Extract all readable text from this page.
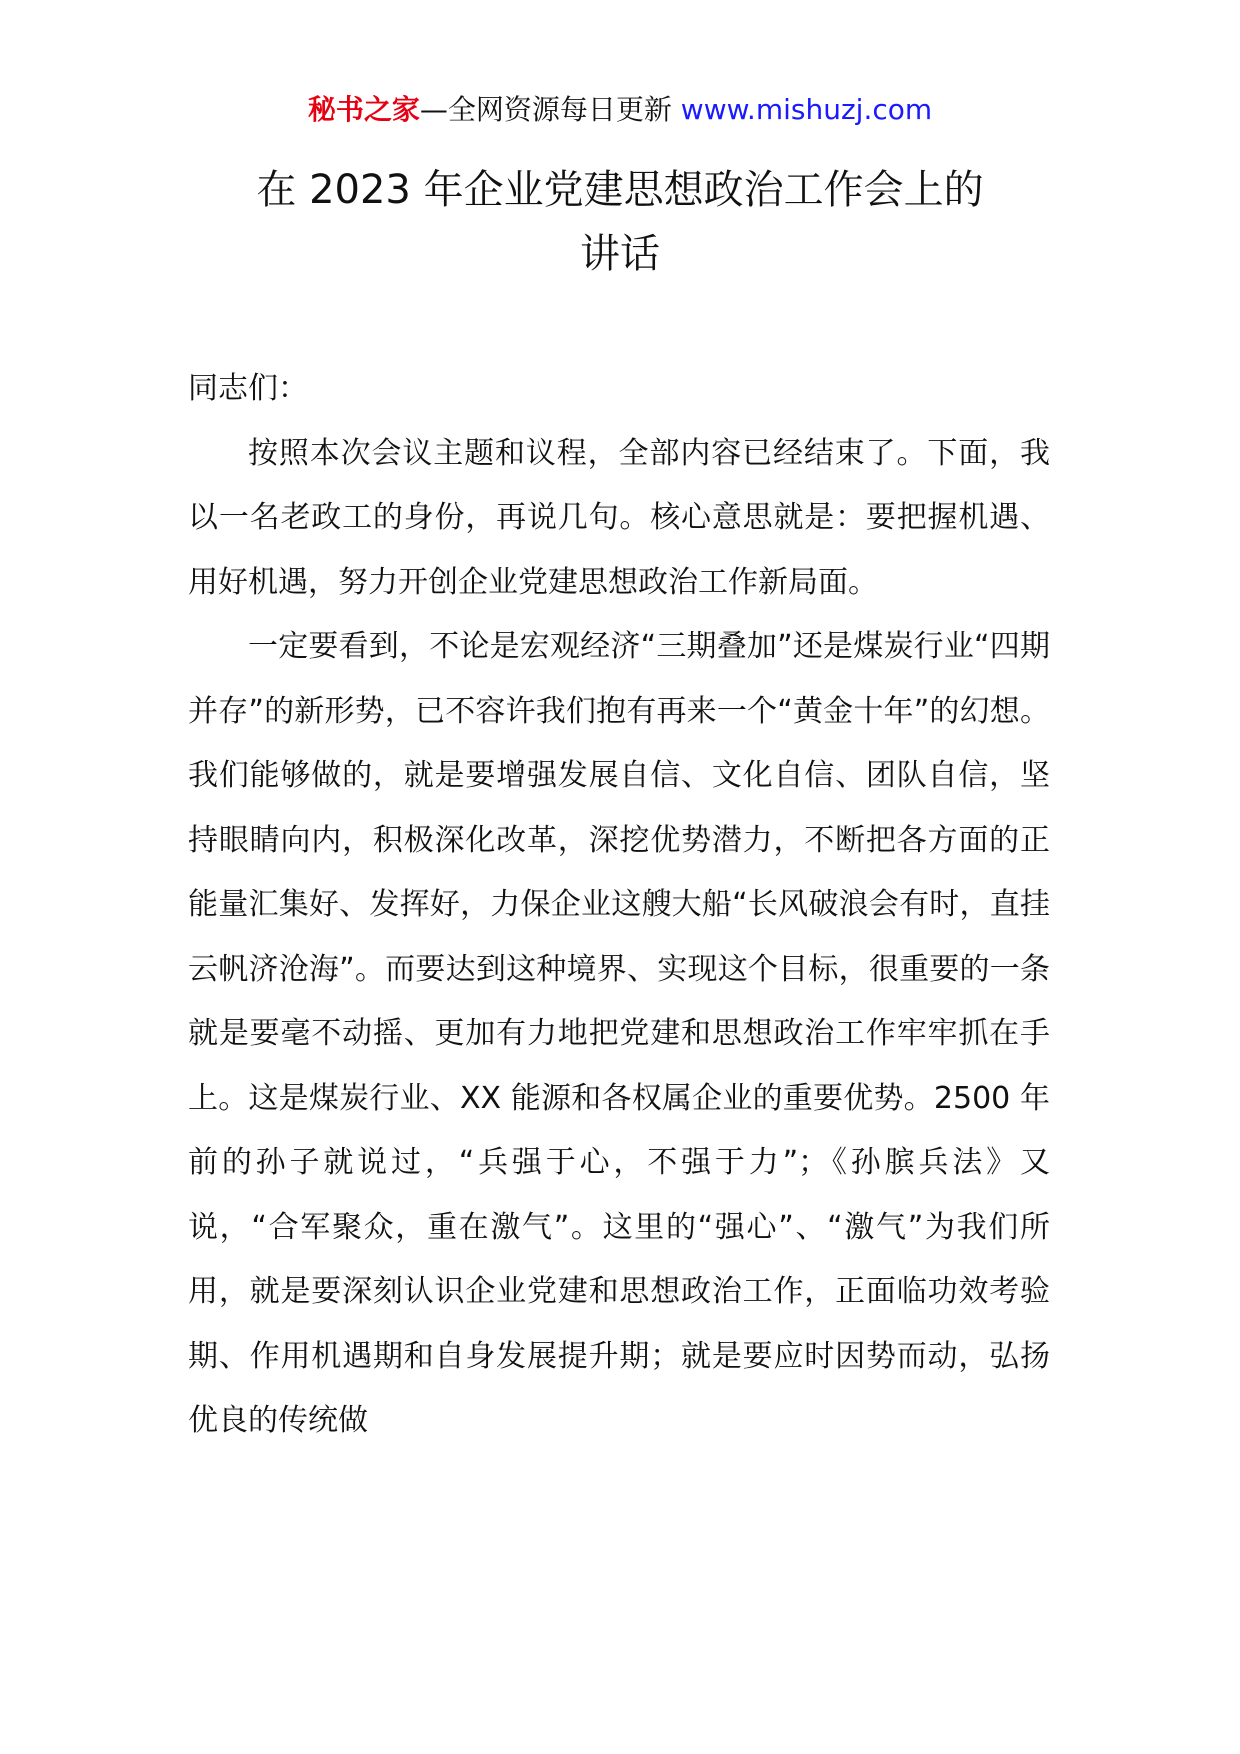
秘书之家—全网资源每日更新 www.mishuzj.com
在 2023 年企业党建思想政治工作会上的
讲话

同志们：

按照本次会议主题和议程，全部内容已经结束了。下面，我以一名老政工的身份，再说几句。核心意思就是：要把握机遇、用好机遇，努力开创企业党建思想政治工作新局面。

一定要看到，不论是宏观经济“三期叠加”还是煤炭行业“四期并存”的新形势，已不容许我们抱有再来一个“黄金十年”的幻想。我们能够做的，就是要增强发展自信、文化自信、团队自信，坚持眼睛向内，积极深化改革，深挖优势潜力，不断把各方面的正能量汇集好、发挥好，力保企业这艘大船“长风破浪会有时，直挂云帆济沧海”。而要达到这种境界、实现这个目标，很重要的一条就是要毫不动摇、更加有力地把党建和思想政治工作牢牢抓在手上。这是煤炭行业、XX 能源和各权属企业的重要优势。2500 年前的孙子就说过，“兵强于心，不强于力”；《孙膑兵法》又说，“合军聚众，重在激气”。这里的“强心”、“激气”为我们所用，就是要深刻认识企业党建和思想政治工作，正面临功效考验期、作用机遇期和自身发展提升期；就是要应时因势而动，弘扬优良的传统做
